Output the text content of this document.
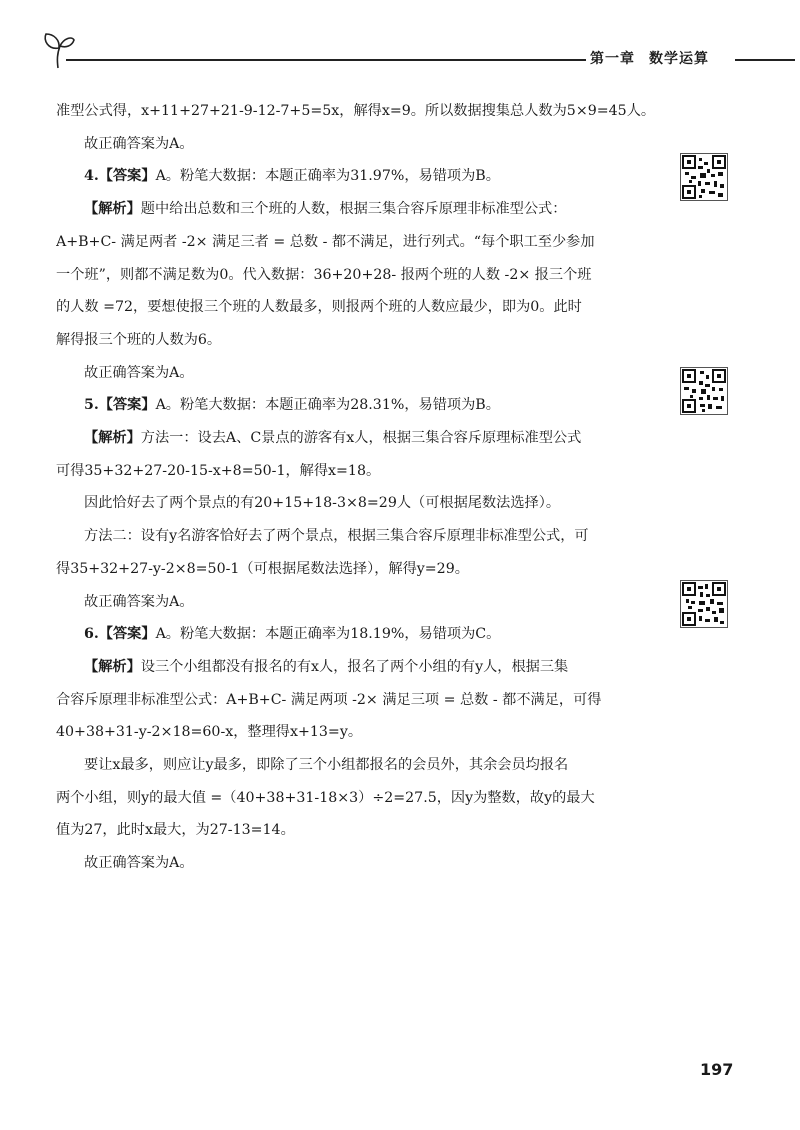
第一章 数学运算

准型公式得，x+11+27+21-9-12-7+5=5x，解得x=9。所以数据搜集总人数为5×9=45人。

故正确答案为A。

4.【答案】A。粉笔大数据：本题正确率为31.97%，易错项为B。

【解析】题中给出总数和三个班的人数，根据三集合容斥原理非标准型公式：

A+B+C- 满足两者 -2× 满足三者 = 总数 - 都不满足，进行列式。“每个职工至少参加

一个班”，则都不满足数为0。代入数据：36+20+28- 报两个班的人数 -2× 报三个班

的人数 =72，要想使报三个班的人数最多，则报两个班的人数应最少，即为0。此时

解得报三个班的人数为6。

故正确答案为A。

5.【答案】A。粉笔大数据：本题正确率为28.31%，易错项为B。

【解析】方法一：设去A、C景点的游客有x人，根据三集合容斥原理标准型公式

可得35+32+27-20-15-x+8=50-1，解得x=18。

因此恰好去了两个景点的有20+15+18-3×8=29人（可根据尾数法选择）。

方法二：设有y名游客恰好去了两个景点，根据三集合容斥原理非标准型公式，可

得35+32+27-y-2×8=50-1（可根据尾数法选择），解得y=29。

故正确答案为A。

6.【答案】A。粉笔大数据：本题正确率为18.19%，易错项为C。

【解析】设三个小组都没有报名的有x人，报名了两个小组的有y人，根据三集

合容斥原理非标准型公式：A+B+C- 满足两项 -2× 满足三项 = 总数 - 都不满足，可得

40+38+31-y-2×18=60-x，整理得x+13=y。

要让x最多，则应让y最多，即除了三个小组都报名的会员外，其余会员均报名

两个小组，则y的最大值 =（40+38+31-18×3）÷2=27.5，因y为整数，故y的最大

值为27，此时x最大，为27-13=14。

故正确答案为A。

197
